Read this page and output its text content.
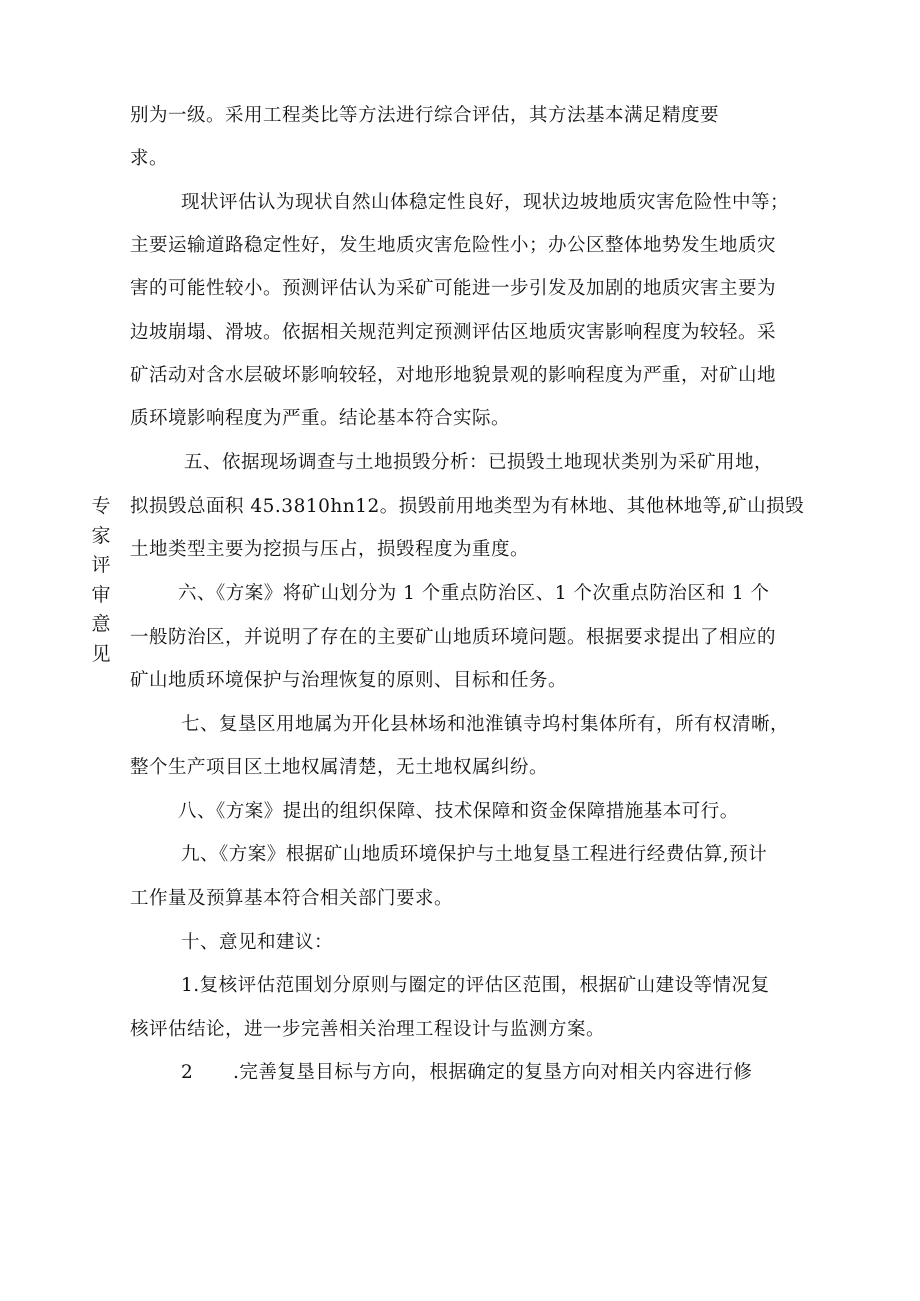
专
家
评
审
意
见
别为一级。采用工程类比等方法进行综合评估，其方法基本满足精度要
求。
现状评估认为现状自然山体稳定性良好，现状边坡地质灾害危险性中等；
主要运输道路稳定性好，发生地质灾害危险性小；办公区整体地势发生地质灾
害的可能性较小。预测评估认为采矿可能进一步引发及加剧的地质灾害主要为
边坡崩塌、滑坡。依据相关规范判定预测评估区地质灾害影响程度为较轻。采
矿活动对含水层破坏影响较轻，对地形地貌景观的影响程度为严重，对矿山地
质环境影响程度为严重。结论基本符合实际。
五、依据现场调查与土地损毁分析：已损毁土地现状类别为采矿用地，
拟损毁总面积 45.3810hn12。损毁前用地类型为有林地、其他林地等,矿山损毁
土地类型主要为挖损与压占，损毁程度为重度。
六、《方案》将矿山划分为 1 个重点防治区、1 个次重点防治区和 1 个
一般防治区，并说明了存在的主要矿山地质环境问题。根据要求提出了相应的
矿山地质环境保护与治理恢复的原则、目标和任务。
七、复垦区用地属为开化县林场和池淮镇寺坞村集体所有，所有权清晰，
整个生产项目区土地权属清楚，无土地权属纠纷。
八、《方案》提出的组织保障、技术保障和资金保障措施基本可行。
九、《方案》根据矿山地质环境保护与土地复垦工程进行经费估算,预计
工作量及预算基本符合相关部门要求。
十、意见和建议：
1.复核评估范围划分原则与圈定的评估区范围，根据矿山建设等情况复
核评估结论，进一步完善相关治理工程设计与监测方案。
2 .完善复垦目标与方向，根据确定的复垦方向对相关内容进行修
